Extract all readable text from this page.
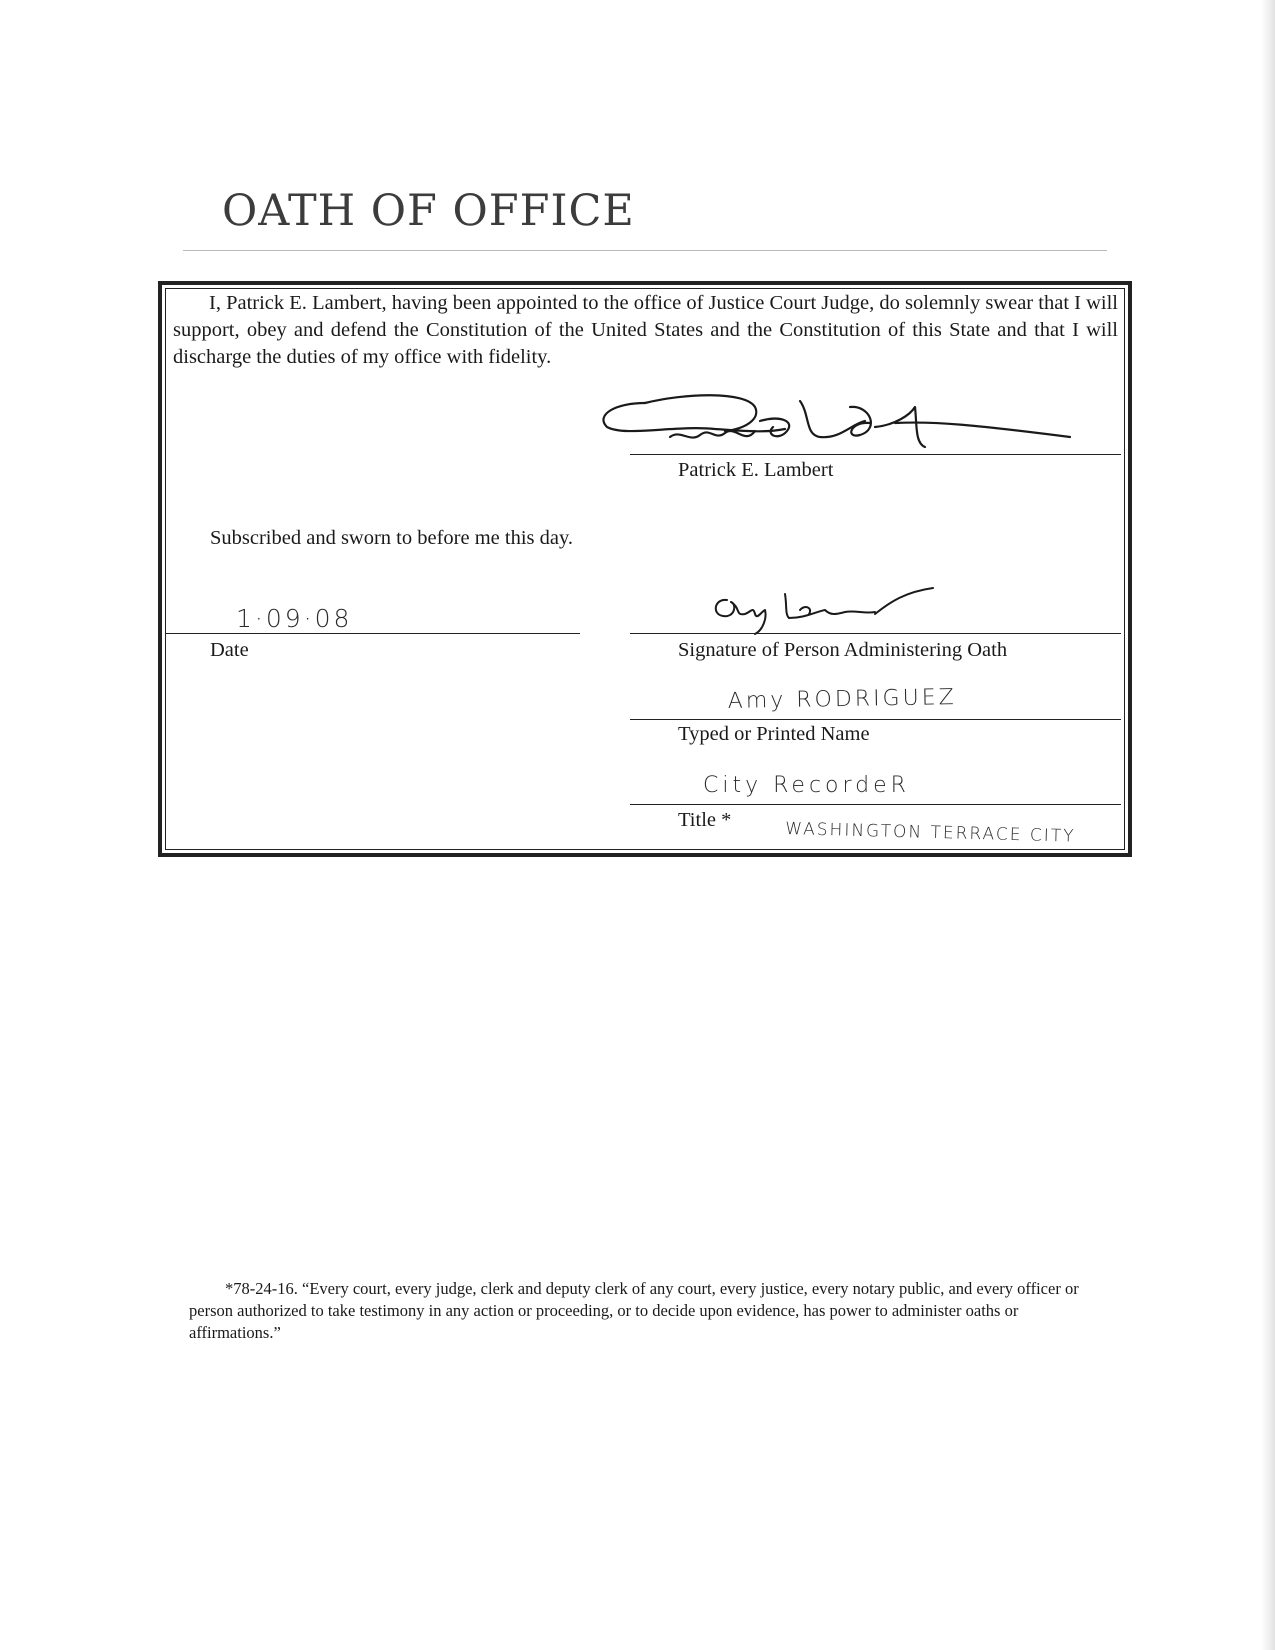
OATH OF OFFICE

I, Patrick E. Lambert, having been appointed to the office of Justice Court Judge, do solemnly swear that I will support, obey and defend the Constitution of the United States and the Constitution of this State and that I will discharge the duties of my office with fidelity.

Patrick E. Lambert
Subscribed and sworn to before me this day.
1·09·08
Date	Signature of Person Administering Oath
Amy RODRIGUEZ
Typed or Printed Name
City RecordeR
Title *	WASHINGTON TERRACE CITY

*78-24-16. “Every court, every judge, clerk and deputy clerk of any court, every justice, every notary public, and every officer or person authorized to take testimony in any action or proceeding, or to decide upon evidence, has power to administer oaths or affirmations.”
